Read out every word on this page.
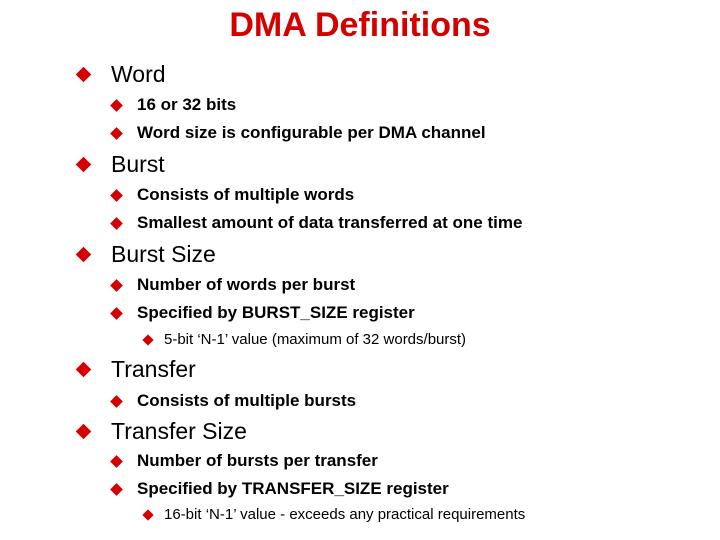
DMA Definitions
Word
16 or 32 bits
Word size is configurable per DMA channel
Burst
Consists of multiple words
Smallest amount of data transferred at one time
Burst Size
Number of words per burst
Specified by BURST_SIZE register
5-bit ‘N-1’ value (maximum of 32 words/burst)
Transfer
Consists of multiple bursts
Transfer Size
Number of bursts per transfer
Specified by TRANSFER_SIZE register
16-bit ‘N-1’ value - exceeds any practical requirements
